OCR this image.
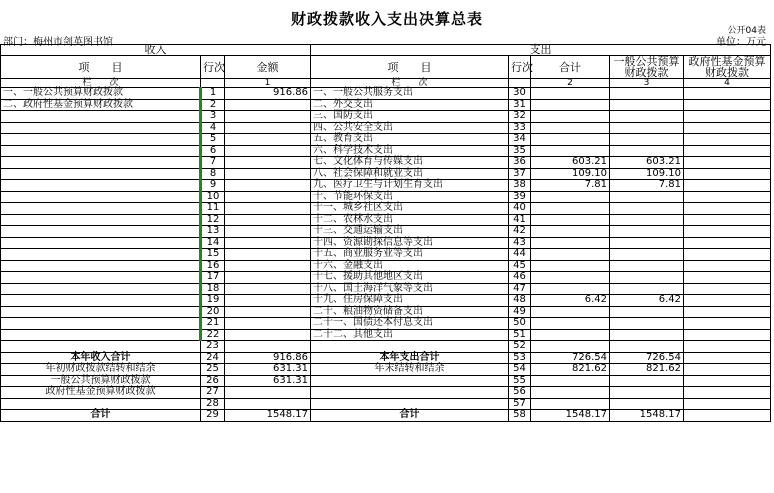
财政拨款收入支出决算总表
公开04表
部门：梅州市剑英图书馆	单位：万元
收入			支出				
项　　目	行次	金额	项　　目	行次	合计	一般公共预算财政拨款	政府性基金预算财政拨款
栏　　次		1	栏　　次		2	3	4
一、一般公共预算财政拨款	1	916.86	一、一般公共服务支出	30			
二、政府性基金预算财政拨款	2		二、外交支出	31			
	3		三、国防支出	32			
	4		四、公共安全支出	33			
	5		五、教育支出	34			
	6		六、科学技术支出	35			
	7		七、文化体育与传媒支出	36	603.21	603.21	
	8		八、社会保障和就业支出	37	109.10	109.10	
	9		九、医疗卫生与计划生育支出	38	7.81	7.81	
	10		十、节能环保支出	39			
	11		十一、城乡社区支出	40			
	12		十二、农林水支出	41			
	13		十三、交通运输支出	42			
	14		十四、资源勘探信息等支出	43			
	15		十五、商业服务业等支出	44			
	16		十六、金融支出	45			
	17		十七、援助其他地区支出	46			
	18		十八、国土海洋气象等支出	47			
	19		十九、住房保障支出	48	6.42	6.42	
	20		二十、粮油物资储备支出	49			
	21		二十一、国债还本付息支出	50			
	22		二十二、其他支出	51			
	23			52			
本年收入合计	24	916.86	本年支出合计	53	726.54	726.54	
年初财政拨款结转和结余	25	631.31	年末结转和结余	54	821.62	821.62	
一般公共预算财政拨款	26	631.31		55			
政府性基金预算财政拨款	27			56			
	28			57			
合计	29	1548.17	合计	58	1548.17	1548.17	
